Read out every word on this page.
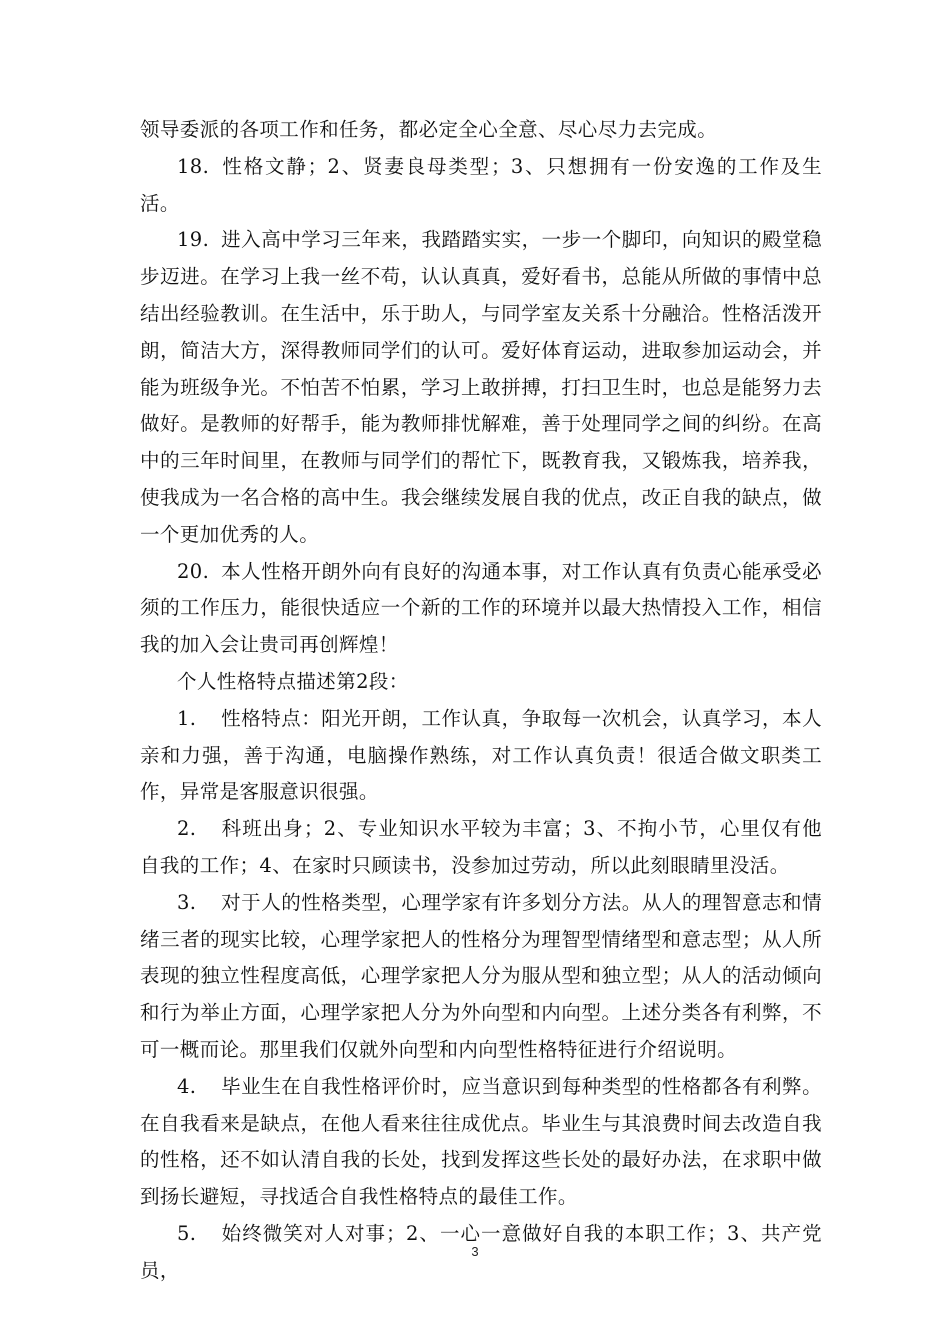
领导委派的各项工作和任务，都必定全心全意、尽心尽力去完成。

18. 性格文静；2、贤妻良母类型；3、只想拥有一份安逸的工作及生活。

19. 进入高中学习三年来，我踏踏实实，一步一个脚印，向知识的殿堂稳步迈进。在学习上我一丝不苟，认认真真，爱好看书，总能从所做的事情中总结出经验教训。在生活中，乐于助人，与同学室友关系十分融洽。性格活泼开朗，简洁大方，深得教师同学们的认可。爱好体育运动，进取参加运动会，并能为班级争光。不怕苦不怕累，学习上敢拼搏，打扫卫生时，也总是能努力去做好。是教师的好帮手，能为教师排忧解难，善于处理同学之间的纠纷。在高中的三年时间里，在教师与同学们的帮忙下，既教育我，又锻炼我，培养我，使我成为一名合格的高中生。我会继续发展自我的优点，改正自我的缺点，做一个更加优秀的人。

20. 本人性格开朗外向有良好的沟通本事，对工作认真有负责心能承受必须的工作压力，能很快适应一个新的工作的环境并以最大热情投入工作，相信我的加入会让贵司再创辉煌！

个人性格特点描述第2段：

1. 性格特点：阳光开朗，工作认真，争取每一次机会，认真学习，本人亲和力强，善于沟通，电脑操作熟练，对工作认真负责！很适合做文职类工作，异常是客服意识很强。

2. 科班出身；2、专业知识水平较为丰富；3、不拘小节，心里仅有他自我的工作；4、在家时只顾读书，没参加过劳动，所以此刻眼睛里没活。

3. 对于人的性格类型，心理学家有许多划分方法。从人的理智意志和情绪三者的现实比较，心理学家把人的性格分为理智型情绪型和意志型；从人所表现的独立性程度高低，心理学家把人分为服从型和独立型；从人的活动倾向和行为举止方面，心理学家把人分为外向型和内向型。上述分类各有利弊，不可一概而论。那里我们仅就外向型和内向型性格特征进行介绍说明。

4. 毕业生在自我性格评价时，应当意识到每种类型的性格都各有利弊。在自我看来是缺点，在他人看来往往成优点。毕业生与其浪费时间去改造自我的性格，还不如认清自我的长处，找到发挥这些长处的最好办法，在求职中做到扬长避短，寻找适合自我性格特点的最佳工作。

5. 始终微笑对人对事；2、一心一意做好自我的本职工作；3、共产党员，

3
